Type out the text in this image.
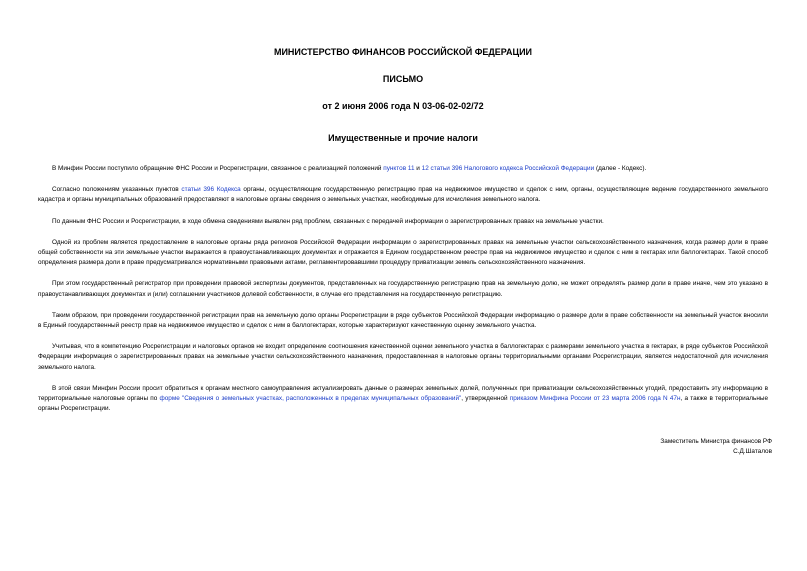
МИНИСТЕРСТВО ФИНАНСОВ РОССИЙСКОЙ ФЕДЕРАЦИИ
ПИСЬМО
от 2 июня 2006 года N 03-06-02-02/72
Имущественные и прочие налоги

В Минфин России поступило обращение ФНС России и Росрегистрации, связанное с реализацией положений пунктов 11 и 12 статьи 396 Налогового кодекса Российской Федерации (далее - Кодекс).

Согласно положениям указанных пунктов статьи 396 Кодекса органы, осуществляющие государственную регистрацию прав на недвижимое имущество и сделок с ним, органы, осуществляющие ведение государственного земельного кадастра и органы муниципальных образований предоставляют в налоговые органы сведения о земельных участках, необходимые для исчисления земельного налога.

По данным ФНС России и Росрегистрации, в ходе обмена сведениями выявлен ряд проблем, связанных с передачей информации о зарегистрированных правах на земельные участки.

Одной из проблем является предоставление в налоговые органы ряда регионов Российской Федерации информации о зарегистрированных правах на земельные участки сельскохозяйственного назначения, когда размер доли в праве общей собственности на эти земельные участки выражается в правоустанавливающих документах и отражается в Едином государственном реестре прав на недвижимое имущество и сделок с ним в гектарах или баллогектарах. Такой способ определения размера доли в праве предусматривался нормативными правовыми актами, регламентировавшими процедуру приватизации земель сельскохозяйственного назначения.

При этом государственный регистратор при проведении правовой экспертизы документов, представленных на государственную регистрацию прав на земельную долю, не может определять размер доли в праве иначе, чем это указано в правоустанавливающих документах и (или) соглашении участников долевой собственности, в случае его представления на государственную регистрацию.

Таким образом, при проведении государственной регистрации прав на земельную долю органы Росрегистрации в ряде субъектов Российской Федерации информацию о размере доли в праве собственности на земельный участок вносили в Единый государственный реестр прав на недвижимое имущество и сделок с ним в баллогектарах, которые характеризуют качественную оценку земельного участка.

Учитывая, что в компетенцию Росрегистрации и налоговых органов не входит определение соотношения качественной оценки земельного участка в баллогектарах с размерами земельного участка в гектарах, в ряде субъектов Российской Федерации информация о зарегистрированных правах на земельные участки сельскохозяйственного назначения, предоставленная в налоговые органы территориальными органами Росрегистрации, является недостаточной для исчисления земельного налога.

В этой связи Минфин России просит обратиться к органам местного самоуправления актуализировать данные о размерах земельных долей, полученных при приватизации сельскохозяйственных угодий, предоставить эту информацию в территориальные налоговые органы по форме "Сведения о земельных участках, расположенных в пределах муниципальных образований", утвержденной приказом Минфина России от 23 марта 2006 года N 47н, а также в территориальные органы Росрегистрации.

Заместитель Министра финансов РФ
С.Д.Шаталов
